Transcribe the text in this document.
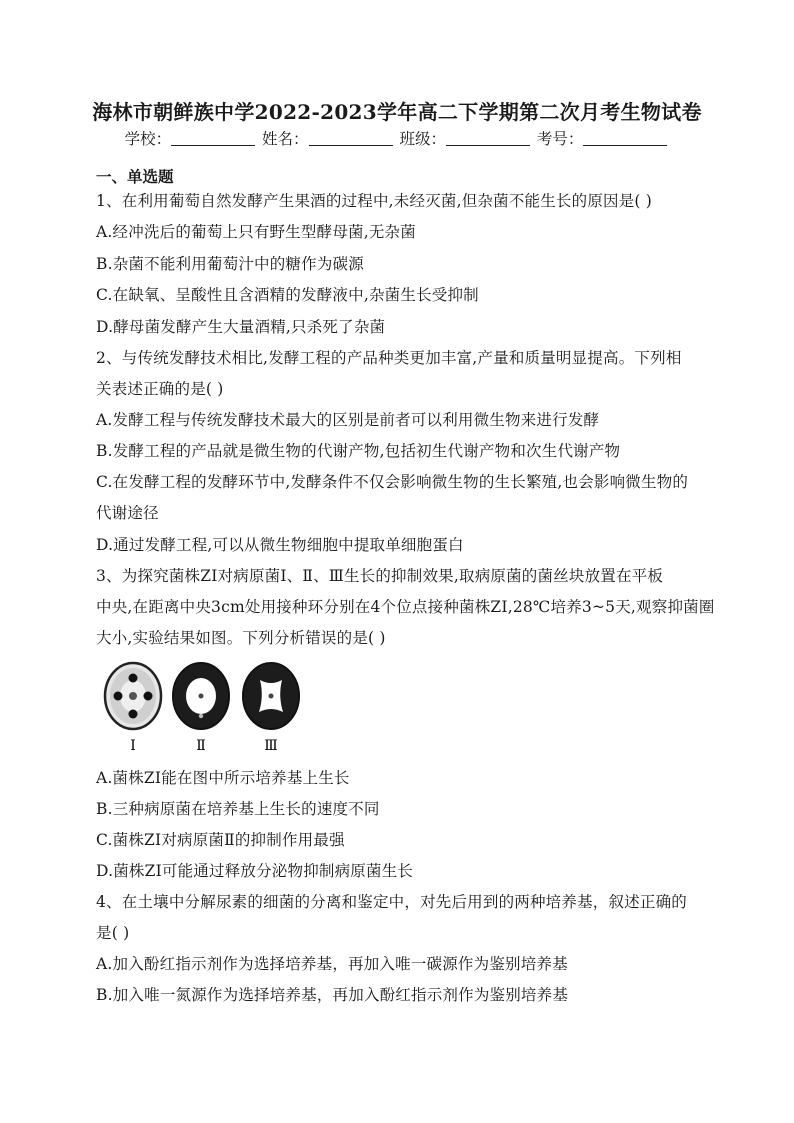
海林市朝鲜族中学2022-2023学年高二下学期第二次月考生物试卷
学校：	姓名：	班级：	考号：
一、单选题
1、在利用葡萄自然发酵产生果酒的过程中,未经灭菌,但杂菌不能生长的原因是( )
A.经冲洗后的葡萄上只有野生型酵母菌,无杂菌
B.杂菌不能利用葡萄汁中的糖作为碳源
C.在缺氧、呈酸性且含酒精的发酵液中,杂菌生长受抑制
D.酵母菌发酵产生大量酒精,只杀死了杂菌
2、与传统发酵技术相比,发酵工程的产品种类更加丰富,产量和质量明显提高。下列相
关表述正确的是( )
A.发酵工程与传统发酵技术最大的区别是前者可以利用微生物来进行发酵
B.发酵工程的产品就是微生物的代谢产物,包括初生代谢产物和次生代谢产物
C.在发酵工程的发酵环节中,发酵条件不仅会影响微生物的生长繁殖,也会影响微生物的
代谢途径
D.通过发酵工程,可以从微生物细胞中提取单细胞蛋白
3、为探究菌株ZI对病原菌Ⅰ、Ⅱ、Ⅲ生长的抑制效果,取病原菌的菌丝块放置在平板
中央,在距离中央3cm处用接种环分别在4个位点接种菌株ZI,28℃培养3~5天,观察抑菌圈
大小,实验结果如图。下列分析错误的是( )
Ⅰ	Ⅱ	Ⅲ
A.菌株ZI能在图中所示培养基上生长
B.三种病原菌在培养基上生长的速度不同
C.菌株ZI对病原菌Ⅱ的抑制作用最强
D.菌株ZI可能通过释放分泌物抑制病原菌生长
4、在土壤中分解尿素的细菌的分离和鉴定中，对先后用到的两种培养基，叙述正确的
是( )
A.加入酚红指示剂作为选择培养基，再加入唯一碳源作为鉴别培养基
B.加入唯一氮源作为选择培养基，再加入酚红指示剂作为鉴别培养基
